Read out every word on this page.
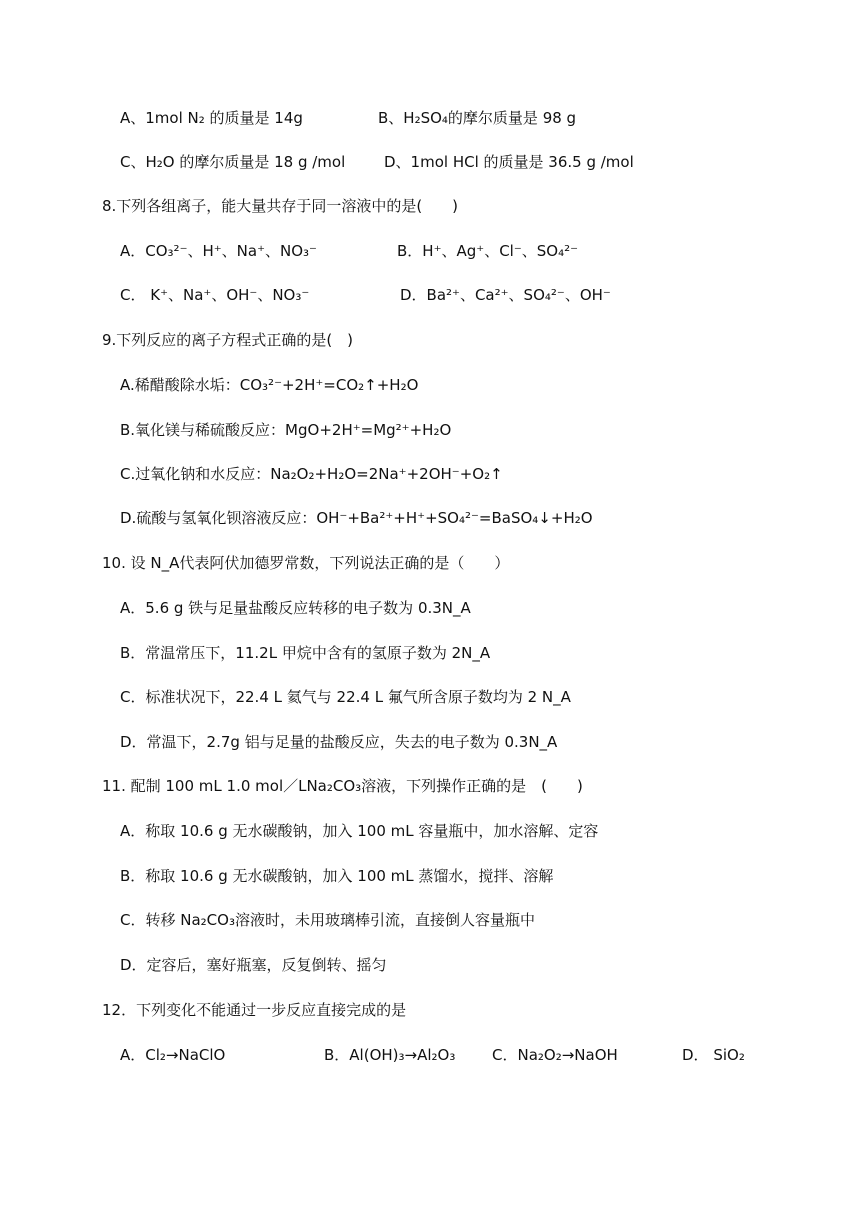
A、1mol N₂ 的质量是 14g	B、H₂SO₄的摩尔质量是 98 g
C、H₂O 的摩尔质量是 18 g /mol	D、1mol HCl 的质量是 36.5 g /mol
8.下列各组离子，能大量共存于同一溶液中的是(　　)
A．CO₃²⁻、H⁺、Na⁺、NO₃⁻	B．H⁺、Ag⁺、Cl⁻、SO₄²⁻
C． K⁺、Na⁺、OH⁻、NO₃⁻	D．Ba²⁺、Ca²⁺、SO₄²⁻、OH⁻
9.下列反应的离子方程式正确的是(　)
A.稀醋酸除水垢：CO₃²⁻+2H⁺=CO₂↑+H₂O
B.氧化镁与稀硫酸反应：MgO+2H⁺=Mg²⁺+H₂O
C.过氧化钠和水反应：Na₂O₂+H₂O=2Na⁺+2OH⁻+O₂↑
D.硫酸与氢氧化钡溶液反应：OH⁻+Ba²⁺+H⁺+SO₄²⁻=BaSO₄↓+H₂O
10. 设 N_A代表阿伏加德罗常数，下列说法正确的是（　　）
A．5.6 g 铁与足量盐酸反应转移的电子数为 0.3N_A
B．常温常压下，11.2L 甲烷中含有的氢原子数为 2N_A
C．标准状况下，22.4 L 氦气与 22.4 L 氟气所含原子数均为 2 N_A
D．常温下，2.7g 铝与足量的盐酸反应，失去的电子数为 0.3N_A
11. 配制 100 mL 1.0 mol／LNa₂CO₃溶液，下列操作正确的是　(　　)
A．称取 10.6 g 无水碳酸钠，加入 100 mL 容量瓶中，加水溶解、定容
B．称取 10.6 g 无水碳酸钠，加入 100 mL 蒸馏水，搅拌、溶解
C．转移 Na₂CO₃溶液时，未用玻璃棒引流，直接倒人容量瓶中
D．定容后，塞好瓶塞，反复倒转、摇匀
12．下列变化不能通过一步反应直接完成的是
A．Cl₂→NaClO	B．Al(OH)₃→Al₂O₃ C．Na₂O₂→NaOH	D． SiO₂
